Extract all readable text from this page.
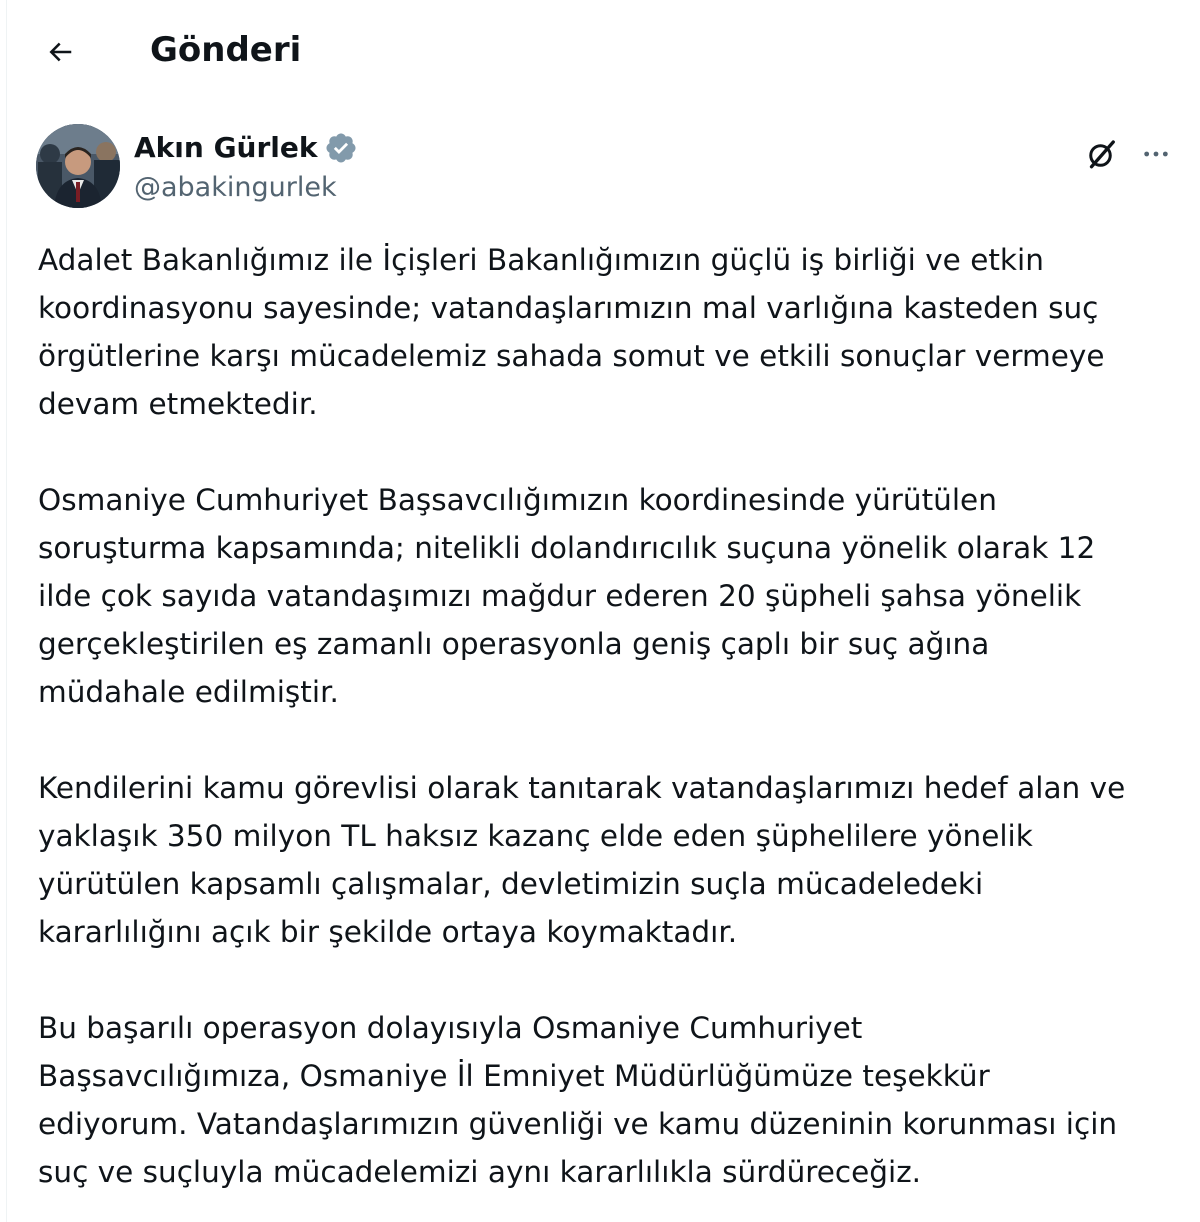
Gönderi
Akın Gürlek
@abakingurlek

Adalet Bakanlığımız ile İçişleri Bakanlığımızın güçlü iş birliği ve etkin
koordinasyonu sayesinde; vatandaşlarımızın mal varlığına kasteden suç
örgütlerine karşı mücadelemiz sahada somut ve etkili sonuçlar vermeye
devam etmektedir.

Osmaniye Cumhuriyet Başsavcılığımızın koordinesinde yürütülen
soruşturma kapsamında; nitelikli dolandırıcılık suçuna yönelik olarak 12
ilde çok sayıda vatandaşımızı mağdur ederen 20 şüpheli şahsa yönelik
gerçekleştirilen eş zamanlı operasyonla geniş çaplı bir suç ağına
müdahale edilmiştir.

Kendilerini kamu görevlisi olarak tanıtarak vatandaşlarımızı hedef alan ve
yaklaşık 350 milyon TL haksız kazanç elde eden şüphelilere yönelik
yürütülen kapsamlı çalışmalar, devletimizin suçla mücadeledeki
kararlılığını açık bir şekilde ortaya koymaktadır.

Bu başarılı operasyon dolayısıyla Osmaniye Cumhuriyet
Başsavcılığımıza, Osmaniye İl Emniyet Müdürlüğümüze teşekkür
ediyorum. Vatandaşlarımızın güvenliği ve kamu düzeninin korunması için
suç ve suçluyla mücadelemizi aynı kararlılıkla sürdüreceğiz.
